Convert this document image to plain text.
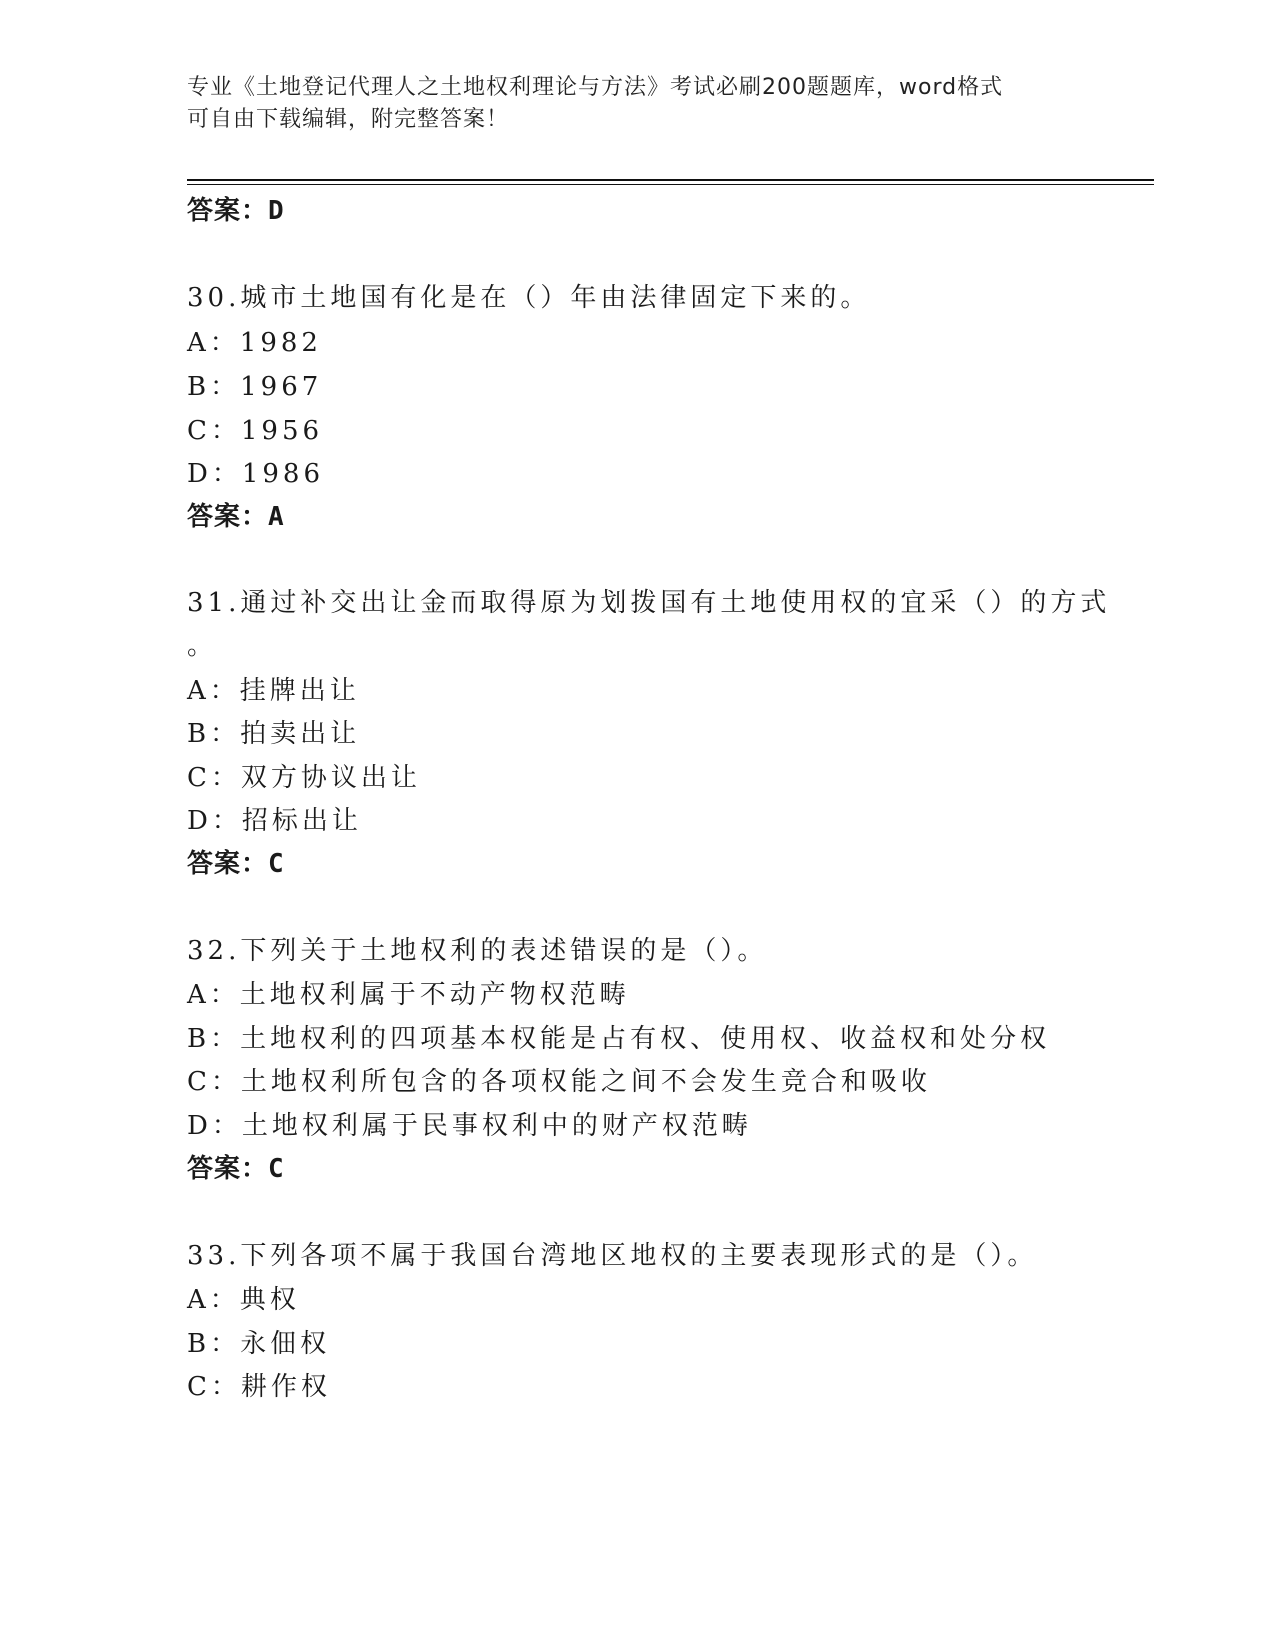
专业《土地登记代理人之土地权利理论与方法》考试必刷200题题库，word格式
可自由下载编辑，附完整答案！
答案：D
30.城市土地国有化是在（）年由法律固定下来的。
A：1982
B：1967
C：1956
D：1986
答案：A
31.通过补交出让金而取得原为划拨国有土地使用权的宜采（）的方式
。
A：挂牌出让
B：拍卖出让
C：双方协议出让
D：招标出让
答案：C
32.下列关于土地权利的表述错误的是（）。
A：土地权利属于不动产物权范畴
B：土地权利的四项基本权能是占有权、使用权、收益权和处分权
C：土地权利所包含的各项权能之间不会发生竞合和吸收
D：土地权利属于民事权利中的财产权范畴
答案：C
33.下列各项不属于我国台湾地区地权的主要表现形式的是（）。
A：典权
B：永佃权
C：耕作权
